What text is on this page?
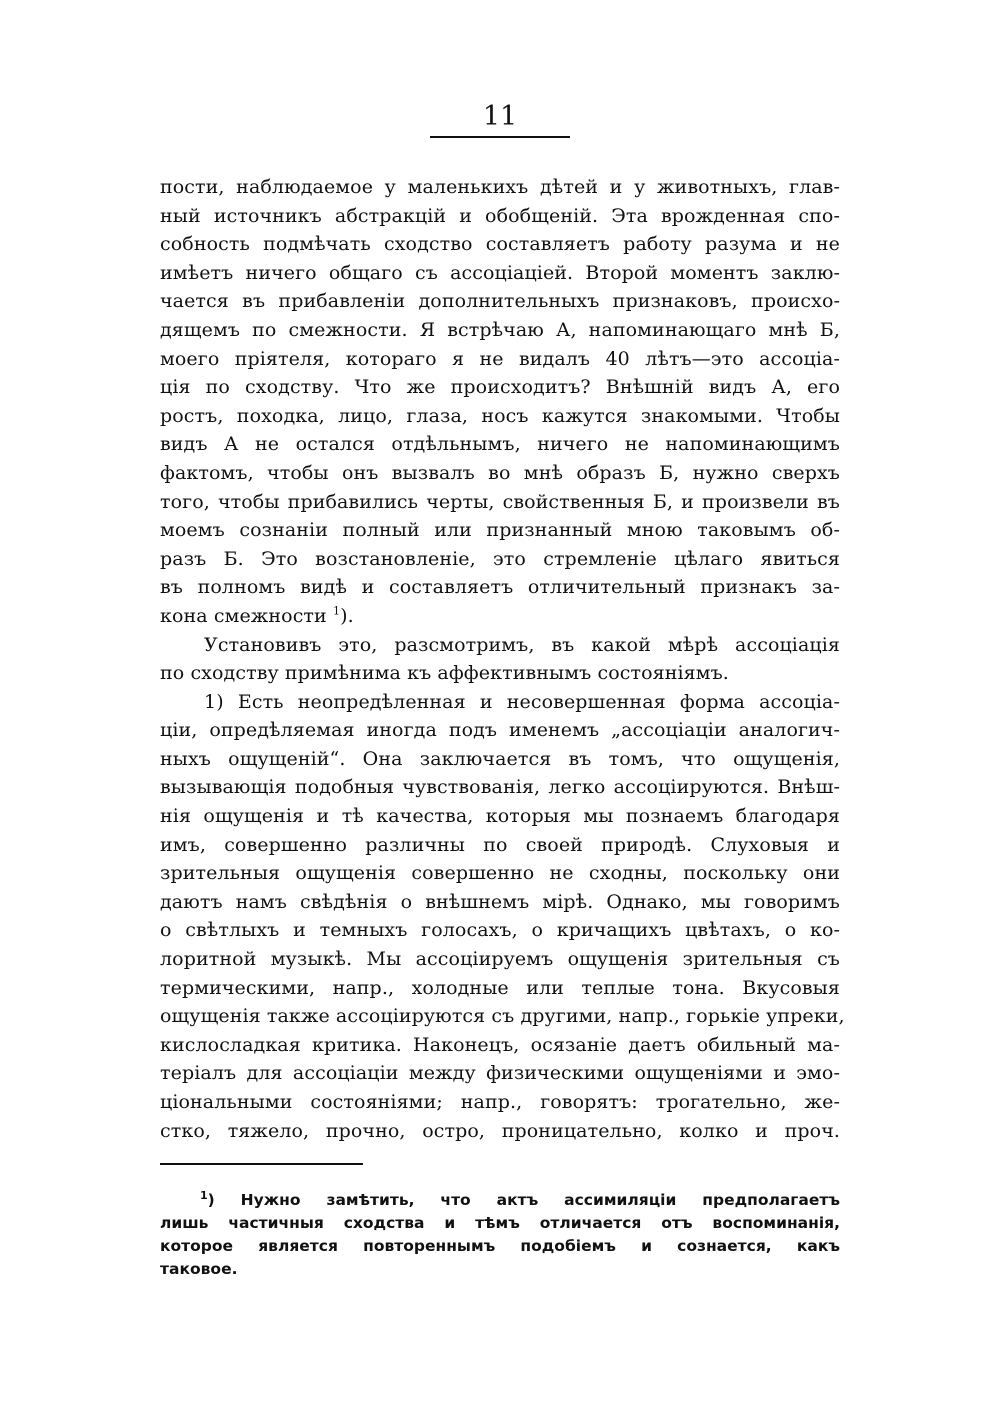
11
пости, наблюдаемое у маленькихъ дѣтей и у животныхъ, глав-
ный источникъ абстракцій и обобщеній. Эта врожденная спо-
собность подмѣчать сходство составляетъ работу разума и не
имѣетъ ничего общаго съ ассоціаціей. Второй моментъ заклю-
чается въ прибавленіи дополнительныхъ признаковъ, происхо-
дящемъ по смежности. Я встрѣчаю А, напоминающаго мнѣ Б,
моего пріятеля, котораго я не видалъ 40 лѣтъ—это ассоціа-
ція по сходству. Что же происходитъ? Внѣшній видъ А, его
ростъ, походка, лицо, глаза, носъ кажутся знакомыми. Чтобы
видъ А не остался отдѣльнымъ, ничего не напоминающимъ
фактомъ, чтобы онъ вызвалъ во мнѣ образъ Б, нужно сверхъ
того, чтобы прибавились черты, свойственныя Б, и произвели въ
моемъ сознаніи полный или признанный мною таковымъ об-
разъ Б. Это возстановленіе, это стремленіе цѣлаго явиться
въ полномъ видѣ и составляетъ отличительный признакъ за-
кона смежности $^1$).
Установивъ это, разсмотримъ, въ какой мѣрѣ ассоціація
по сходству примѣнима къ аффективнымъ состояніямъ.
1) Есть неопредѣленная и несовершенная форма ассоціа-
ціи, опредѣляемая иногда подъ именемъ „ассоціаціи аналогич-
ныхъ ощущеній“. Она заключается въ томъ, что ощущенія,
вызывающія подобныя чувствованія, легко ассоціируются. Внѣш-
нія ощущенія и тѣ качества, которыя мы познаемъ благодаря
имъ, совершенно различны по своей природѣ. Слуховыя и
зрительныя ощущенія совершенно не сходны, поскольку они
даютъ намъ свѣдѣнія о внѣшнемъ мірѣ. Однако, мы говоримъ
о свѣтлыхъ и темныхъ голосахъ, о кричащихъ цвѣтахъ, о ко-
лоритной музыкѣ. Мы ассоціируемъ ощущенія зрительныя съ
термическими, напр., холодные или теплые тона. Вкусовыя
ощущенія также ассоціируются съ другими, напр., горькіе упреки,
кислосладкая критика. Наконецъ, осязаніе даетъ обильный ма-
теріалъ для ассоціаціи между физическими ощущеніями и эмо-
ціональными состояніями; напр., говорятъ: трогательно, же-
стко, тяжело, прочно, остро, проницательно, колко и проч.
$^1$) Нужно замѣтить, что актъ ассимиляціи предполагаетъ
лишь частичныя сходства и тѣмъ отличается отъ воспоминанія,
которое является повтореннымъ подобіемъ и сознается, какъ
таковое.
